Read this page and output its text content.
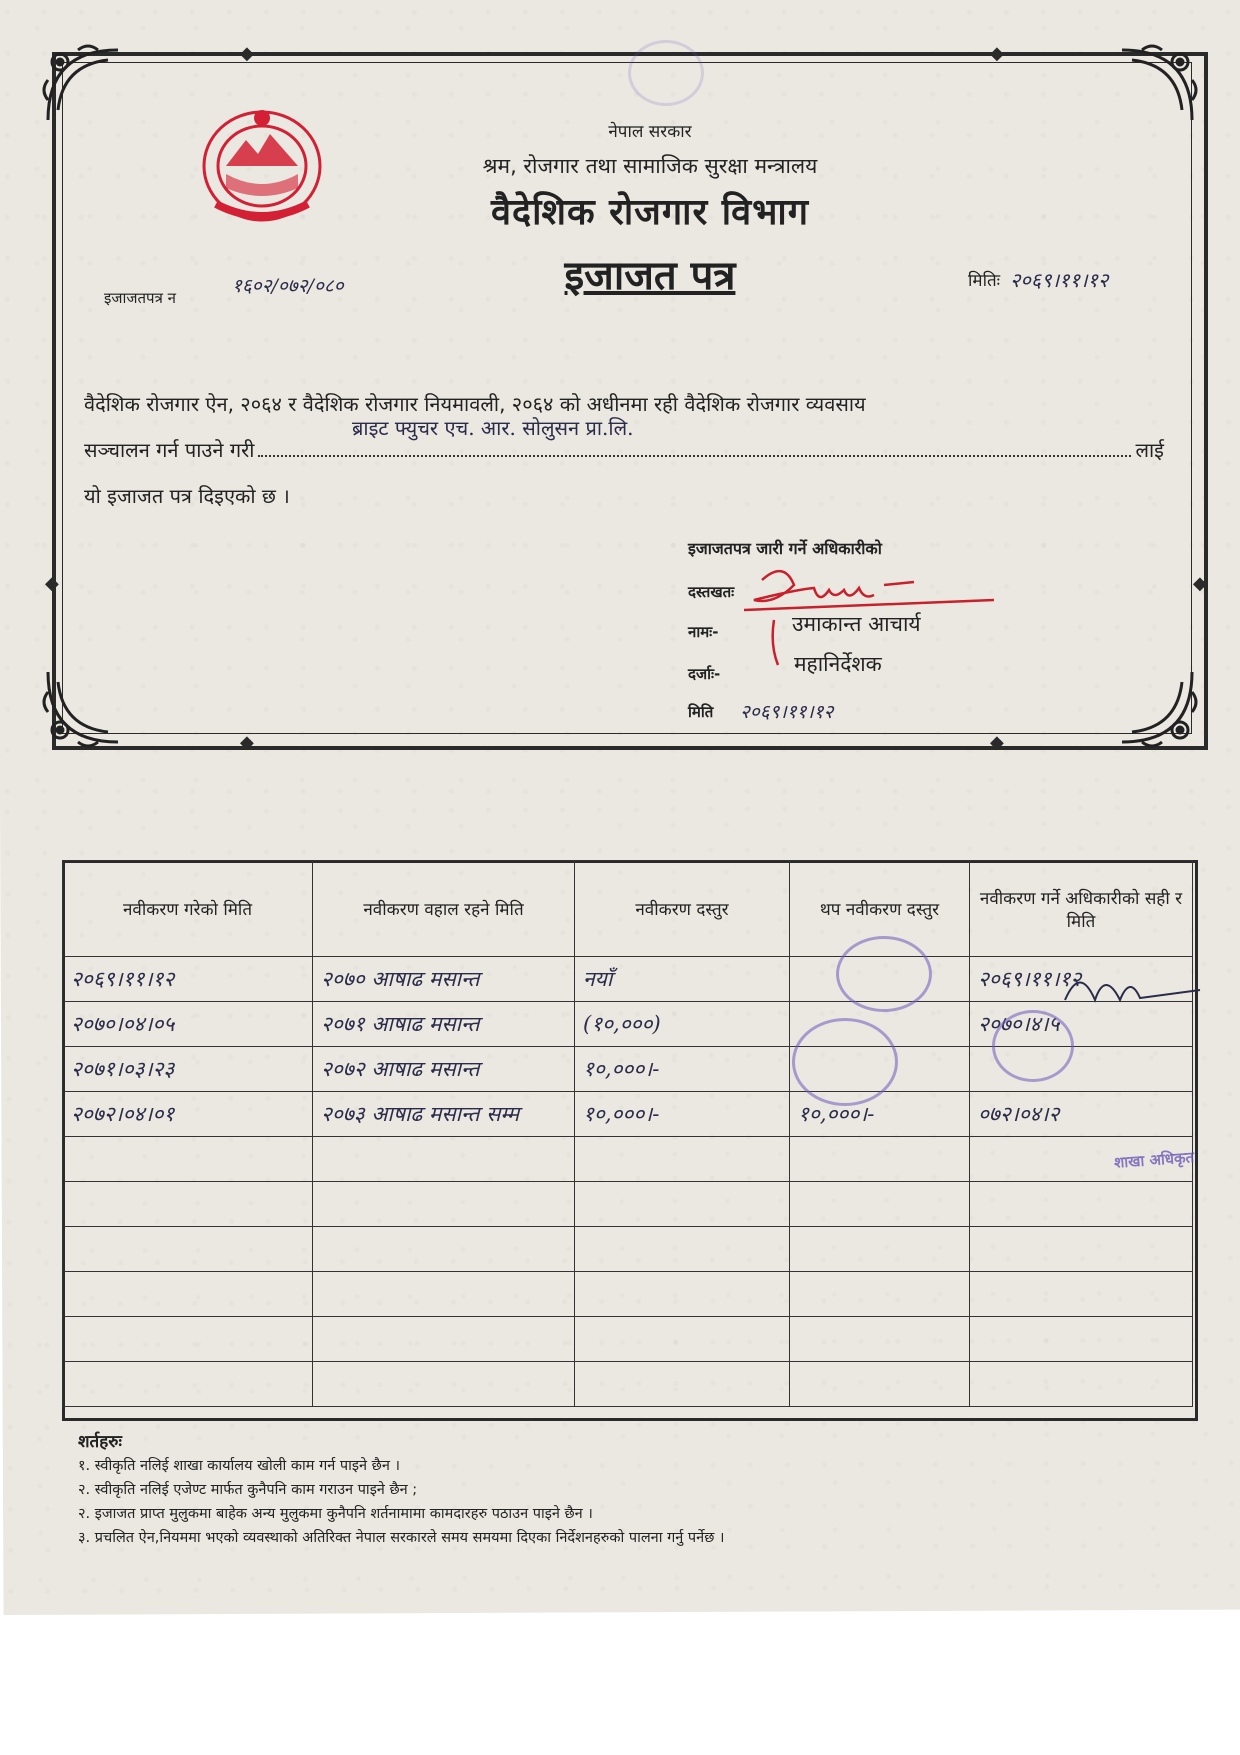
◆	◆
◆	◆
◆	◆
नेपाल सरकार
श्रम, रोजगार तथा सामाजिक सुरक्षा मन्त्रालय
वैदेशिक रोजगार विभाग
इजाजत पत्र
इजाजतपत्र न
१६०२/०७२/०८०	मितिः २०६९।११।१२
वैदेशिक रोजगार ऐन, २०६४ र वैदेशिक रोजगार नियमावली, २०६४ को अधीनमा रही वैदेशिक रोजगार व्यवसाय
ब्राइट फ्युचर एच. आर. सोलुसन प्रा.लि.
सञ्चालन गर्न पाउने गरी	लाई
यो इजाजत पत्र दिइएको छ ।
इजाजतपत्र जारी गर्ने अधिकारीको
दस्तखतः
नामः-	उमाकान्त आचार्य
दर्जाः-	महानिर्देशक
मिति २०६९।११।१२
नवीकरण गरेको मिति	नवीकरण वहाल रहने मिति	नवीकरण दस्तुर	थप नवीकरण दस्तुर	नवीकरण गर्ने अधिकारीको सही र मिति
२०६९।११।१२	२०७० आषाढ मसान्त	नयाँ		२०६९।११।१२
२०७०।०४।०५	२०७१ आषाढ मसान्त	(१०,०००)		२०७०।४।५
२०७१।०३।२३	२०७२ आषाढ मसान्त	१०,०००।-		
२०७२।०४।०१	२०७३ आषाढ मसान्त सम्म	१०,०००।-	१०,०००।-	०७२।०४।२

शाखा अधिकृत
शर्तहरुः
१. स्वीकृति नलिई शाखा कार्यालय खोली काम गर्न पाइने छैन ।
२. स्वीकृति नलिई एजेण्ट मार्फत कुनैपनि काम गराउन पाइने छैन ;
२. इजाजत प्राप्त मुलुकमा बाहेक अन्य मुलुकमा कुनैपनि शर्तनामामा कामदारहरु पठाउन पाइने छैन ।
३. प्रचलित ऐन,नियममा भएको व्यवस्थाको अतिरिक्त नेपाल सरकारले समय समयमा दिएका निर्देशनहरुको पालना गर्नु पर्नेछ ।
